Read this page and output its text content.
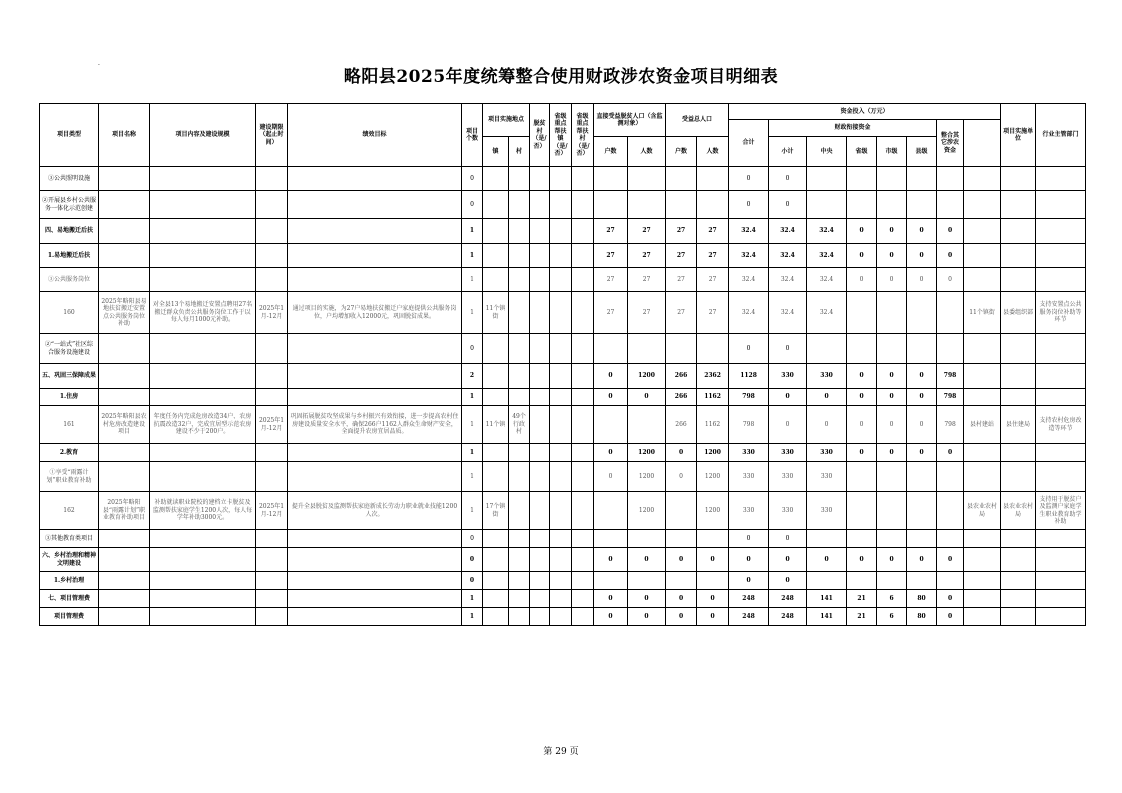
·
略阳县2025年度统筹整合使用财政涉农资金项目明细表
项目类型	项目名称	项目内容及建设规模	建设期限（起止时间）	绩效目标	项目个数	项目实施地点		脱贫村（是/否）	省级重点帮扶镇（是/否）	省级重点帮扶村（是/否）	直接受益脱贫人口（含监测对象）		受益总人口		资金投入（万元）								项目实施单位	行业主管部门	
															合计	财政衔接资金					整合其它涉农资金				
						镇	村				户数	人数	户数	人数		小计	中央	省级	市级	县级					
③公共照明设施					0										0	0									
②开展县乡村公共服务一体化示范创建					0										0	0									
四、易地搬迁后扶					1						27	27	27	27	32.4	32.4	32.4	0	0	0	0				
1.易地搬迁后扶					1						27	27	27	27	32.4	32.4	32.4	0	0	0	0				
③公共服务岗位					1						27	27	27	27	32.4	32.4	32.4	0	0	0	0				
160	2025年略阳县易地扶贫搬迁安置点公共服务岗位补助	对全县13个易地搬迁安置点聘用27名搬迁群众负责公共服务岗位工作于以每人每月1000元补助。	2025年1月-12月	通过项目的实施，为27户易地扶贫搬迁户家庭提供公共服务岗位，户均增加收入12000元，巩固脱贫成果。	1	11个镇街					27	27	27	27	32.4	32.4	32.4					11个镇街	县委组织部	支持安置点公共服务岗位补助等环节	
②“一站式”社区综合服务设施建设					0										0	0									
五、巩固三保障成果					2						0	1200	266	2362	1128	330	330	0	0	0	798				
1.住房					1						0	0	266	1162	798	0	0	0	0	0	798				
161	2025年略阳县农村危房改造建设项目	年度任务内完成危房改造34户、农房抗震改造32户，完成宜居型示范农房建设不少于200户。	2025年1月-12月	巩固拓展脱贫攻坚成果与乡村振兴有效衔接，进一步提高农村住房建设质量安全水平，确保266户1162人群众生命财产安全，全面提升农房宜居品质。	1	11个镇	49个行政村						266	1162	798	0	0	0	0	0	798	县村建站	县住建局	支持农村危房改造等环节	
2.教育					1						0	1200	0	1200	330	330	330	0	0	0	0				
①享受“雨露计划”职业教育补助					1						0	1200	0	1200	330	330	330								
162	2025年略阳县“雨露计划”职业教育补助项目	补助就读职业院校的建档立卡脱贫及监测帮扶家庭学生1200人次，每人每学年补助3000元。	2025年1月-12月	提升全县脱贫及监测帮扶家庭新成长劳动力职业就业技能1200人次。	1	17个镇街						1200		1200	330	330	330					县农业农村局	县农业农村局	支持用于脱贫户及监测户家庭学生职业教育助学补助	
③其他教育类项目					0										0	0									
六、乡村治理和精神文明建设					0						0	0	0	0	0	0	0	0	0	0	0				
1.乡村治理					0										0	0									
七、项目管理费					1						0	0	0	0	248	248	141	21	6	80	0				
项目管理费					1						0	0	0	0	248	248	141	21	6	80	0				
第 29 页
